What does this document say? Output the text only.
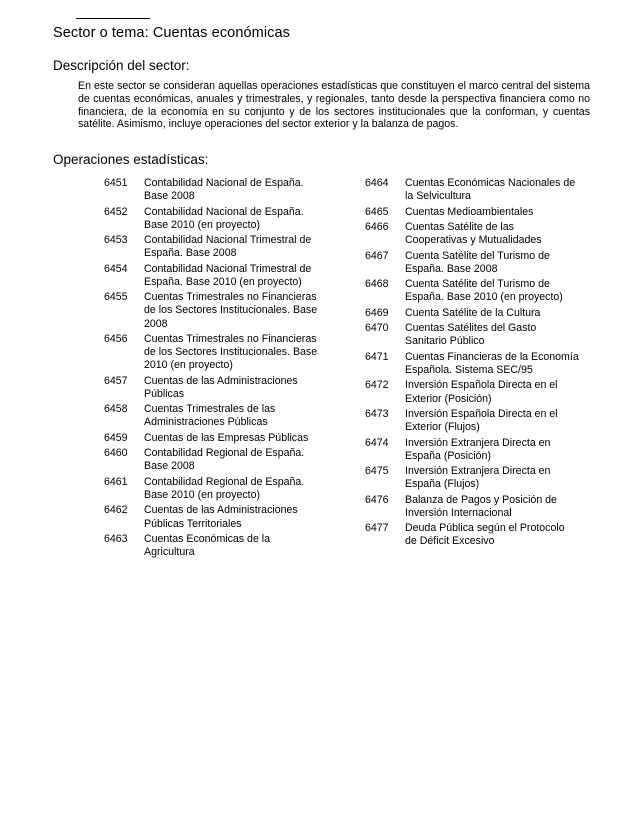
Sector o tema: Cuentas económicas
Descripción del sector:

En este sector se consideran aquellas operaciones estadísticas que constituyen el marco central del sistema de cuentas económicas, anuales y trimestrales, y regionales, tanto desde la perspectiva financiera como no financiera, de la economía en su conjunto y de los sectores institucionales que la conforman, y cuentas satélite. Asimismo, incluye operaciones del sector exterior y la balanza de pagos.

Operaciones estadísticas:
6451	Contabilidad Nacional de España.
Base 2008
6452	Contabilidad Nacional de España.
Base 2010 (en proyecto)
6453	Contabilidad Nacional Trimestral de
España. Base 2008
6454	Contabilidad Nacional Trimestral de
España. Base 2010 (en proyecto)
6455	Cuentas Trimestrales no Financieras
de los Sectores Institucionales. Base
2008
6456	Cuentas Trimestrales no Financieras
de los Sectores Institucionales. Base
2010 (en proyecto)
6457	Cuentas de las Administraciones
Públicas
6458	Cuentas Trimestrales de las
Administraciones Públicas
6459	Cuentas de las Empresas Públicas
6460	Contabilidad Regional de España.
Base 2008
6461	Contabilidad Regional de España.
Base 2010 (en proyecto)
6462	Cuentas de las Administraciones
Públicas Territoriales
6463	Cuentas Económicas de la
Agricultura
6464	Cuentas Económicas Nacionales de
la Selvicultura
6465	Cuentas Medioambientales
6466	Cuentas Satélite de las
Cooperativas y Mutualidades
6467	Cuenta Satélite del Turismo de
España. Base 2008
6468	Cuenta Satélite del Turismo de
España. Base 2010 (en proyecto)
6469	Cuenta Satélite de la Cultura
6470	Cuentas Satélites del Gasto
Sanitario Público
6471	Cuentas Financieras de la Economía
Española. Sistema SEC/95
6472	Inversión Española Directa en el
Exterior (Posición)
6473	Inversión Española Directa en el
Exterior (Flujos)
6474	Inversión Extranjera Directa en
España (Posición)
6475	Inversión Extranjera Directa en
España (Flujos)
6476	Balanza de Pagos y Posición de
Inversión Internacional
6477	Deuda Pública según el Protocolo
de Déficit Excesivo
